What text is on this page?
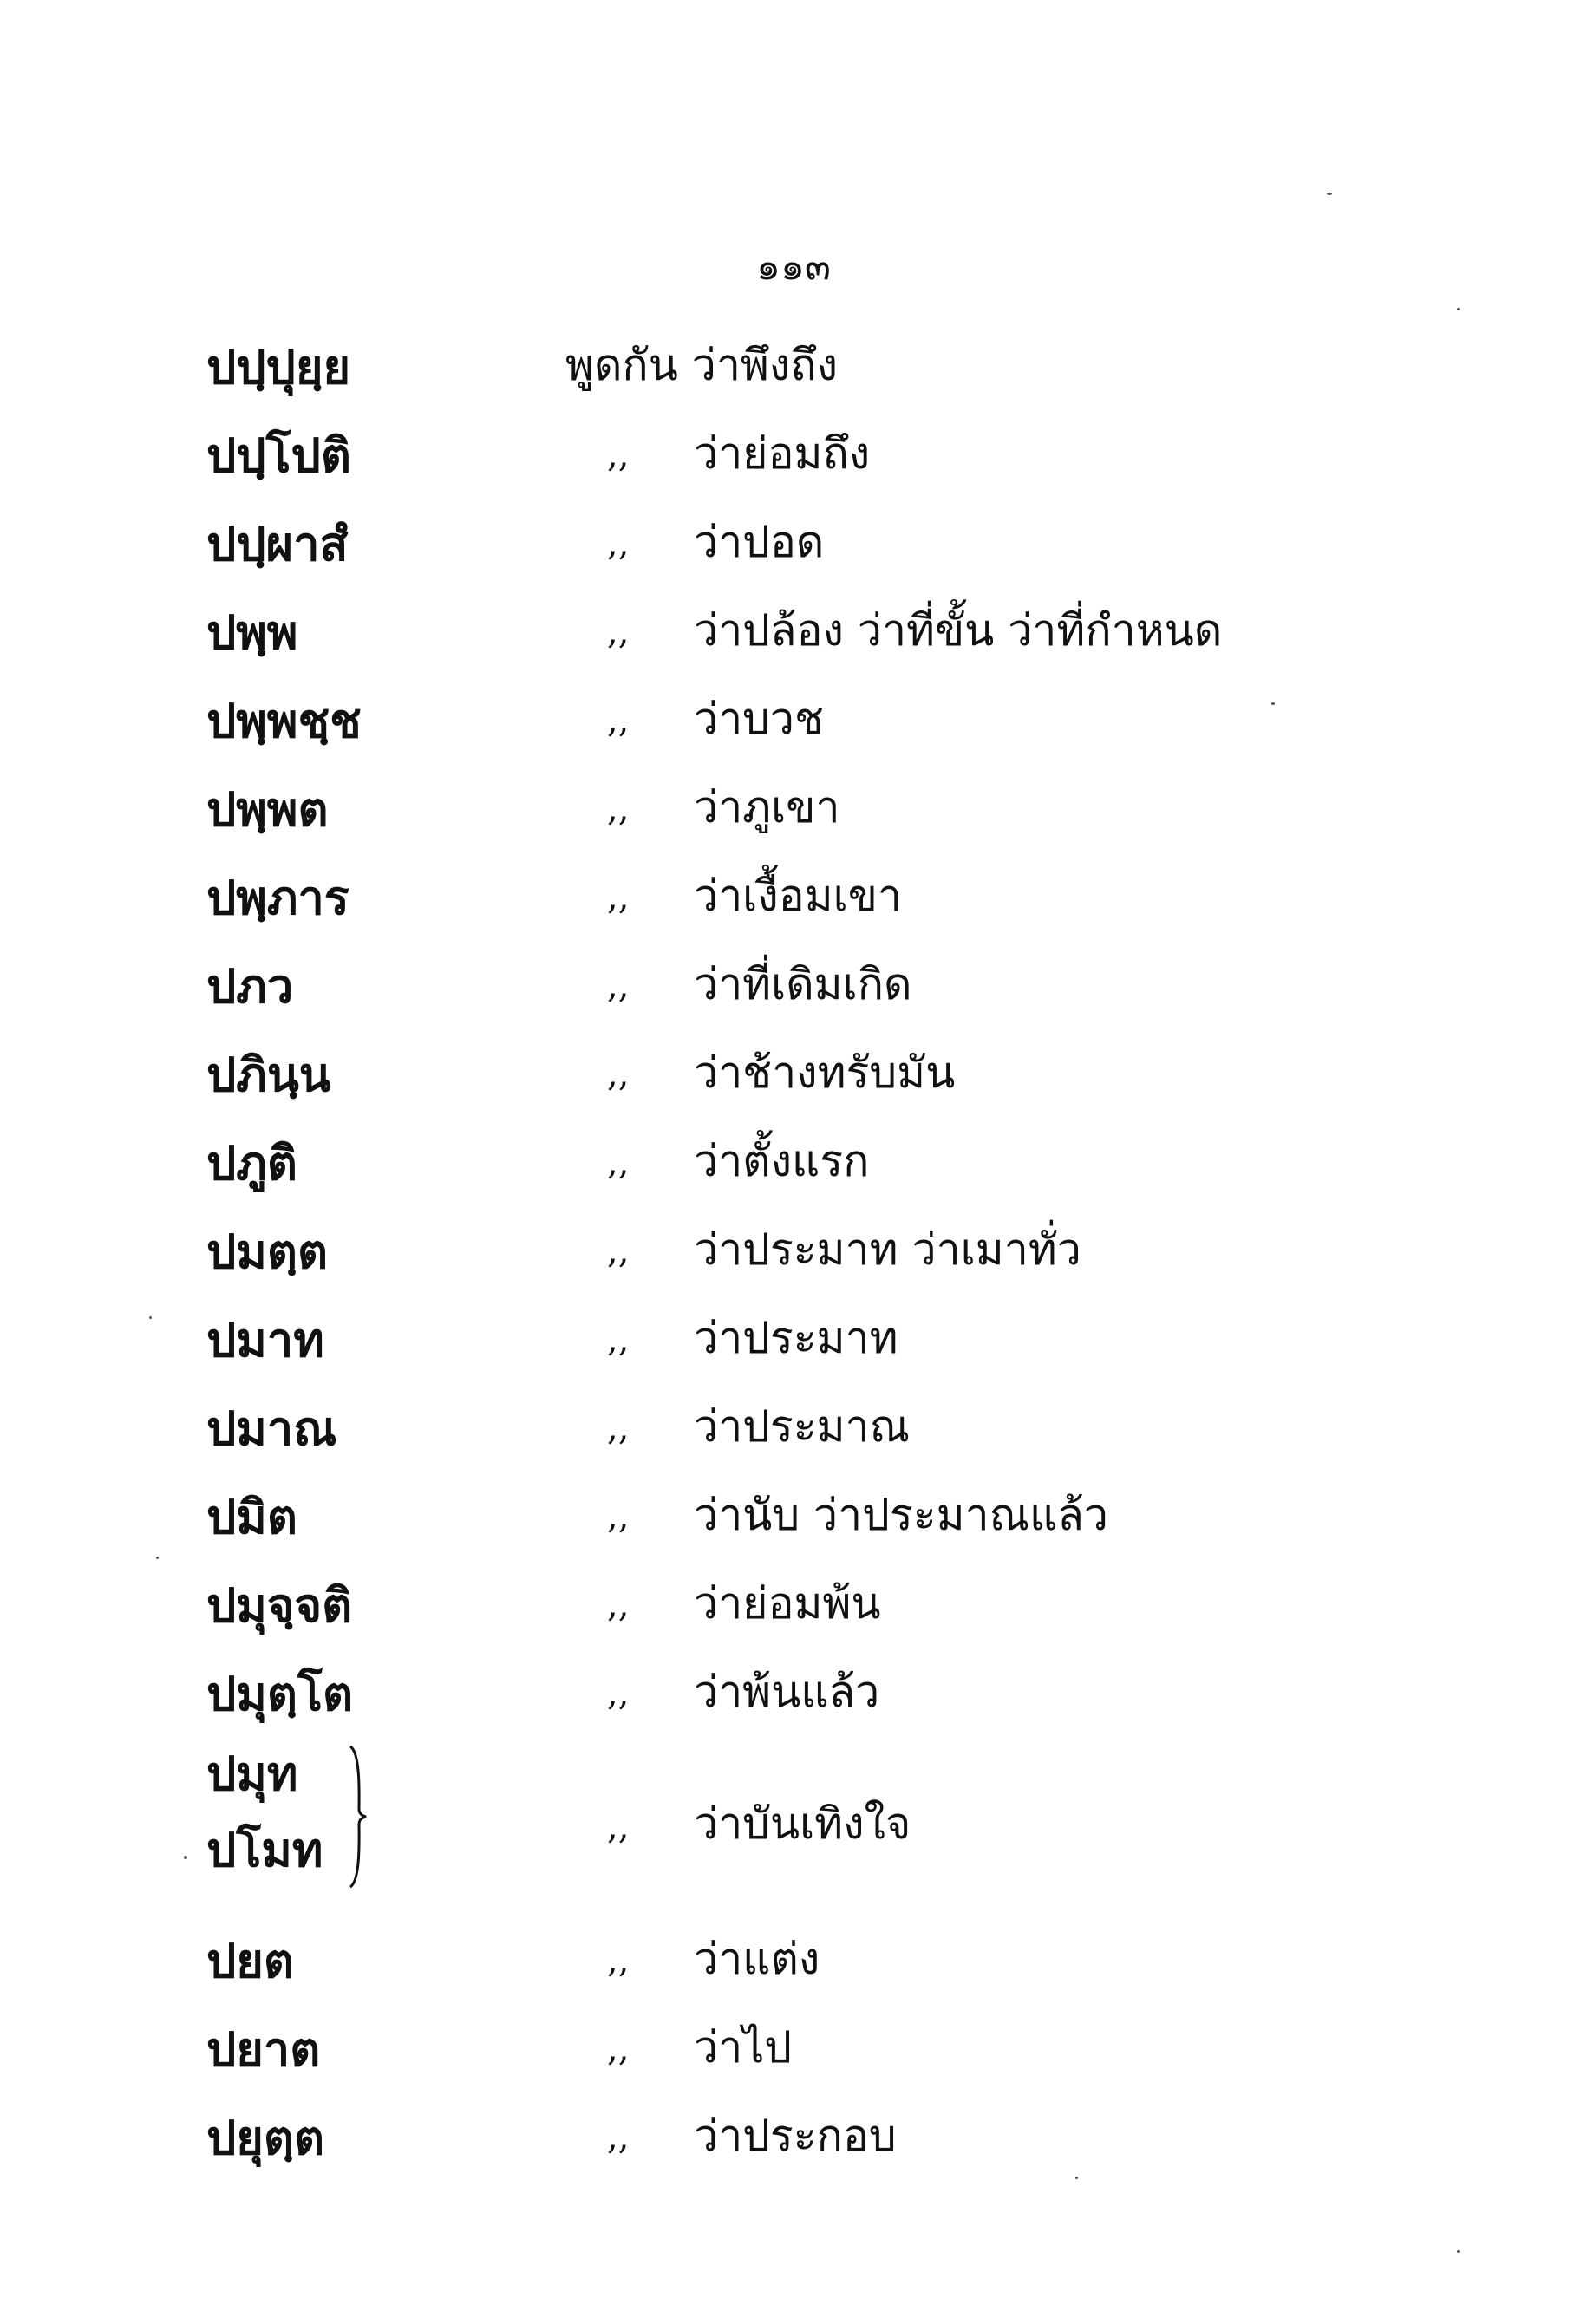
๑๑๓
ปปฺปุยฺย	พูดกัน ว่าพึงถึง
ปปฺโปติ	,, ว่าย่อมถึง
ปปฺผาสํ	,, ว่าปอด
ปพฺพ	,, ว่าปล้อง ว่าที่ขั้น ว่าที่กำหนด
ปพฺพชฺช	,, ว่าบวช
ปพฺพต	,, ว่าภูเขา
ปพฺภาร	,, ว่าเงื้อมเขา
ปภว	,, ว่าที่เดิมเกิด
ปภินฺน	,, ว่าช้างทรับมัน
ปภูติ	,, ว่าตั้งแรก
ปมตฺต	,, ว่าประมาท ว่าเมาทั่ว
ปมาท	,, ว่าประมาท
ปมาณ	,, ว่าประมาณ
ปมิต	,, ว่านับ ว่าประมาณแล้ว
ปมุจฺจติ	,, ว่าย่อมพ้น
ปมุตฺโต	,, ว่าพ้นแล้ว
ปมุท
ปโมท	,, ว่าบันเทิงใจ
ปยต	,, ว่าแต่ง
ปยาต	,, ว่าไป
ปยุตฺต	,, ว่าประกอบ
